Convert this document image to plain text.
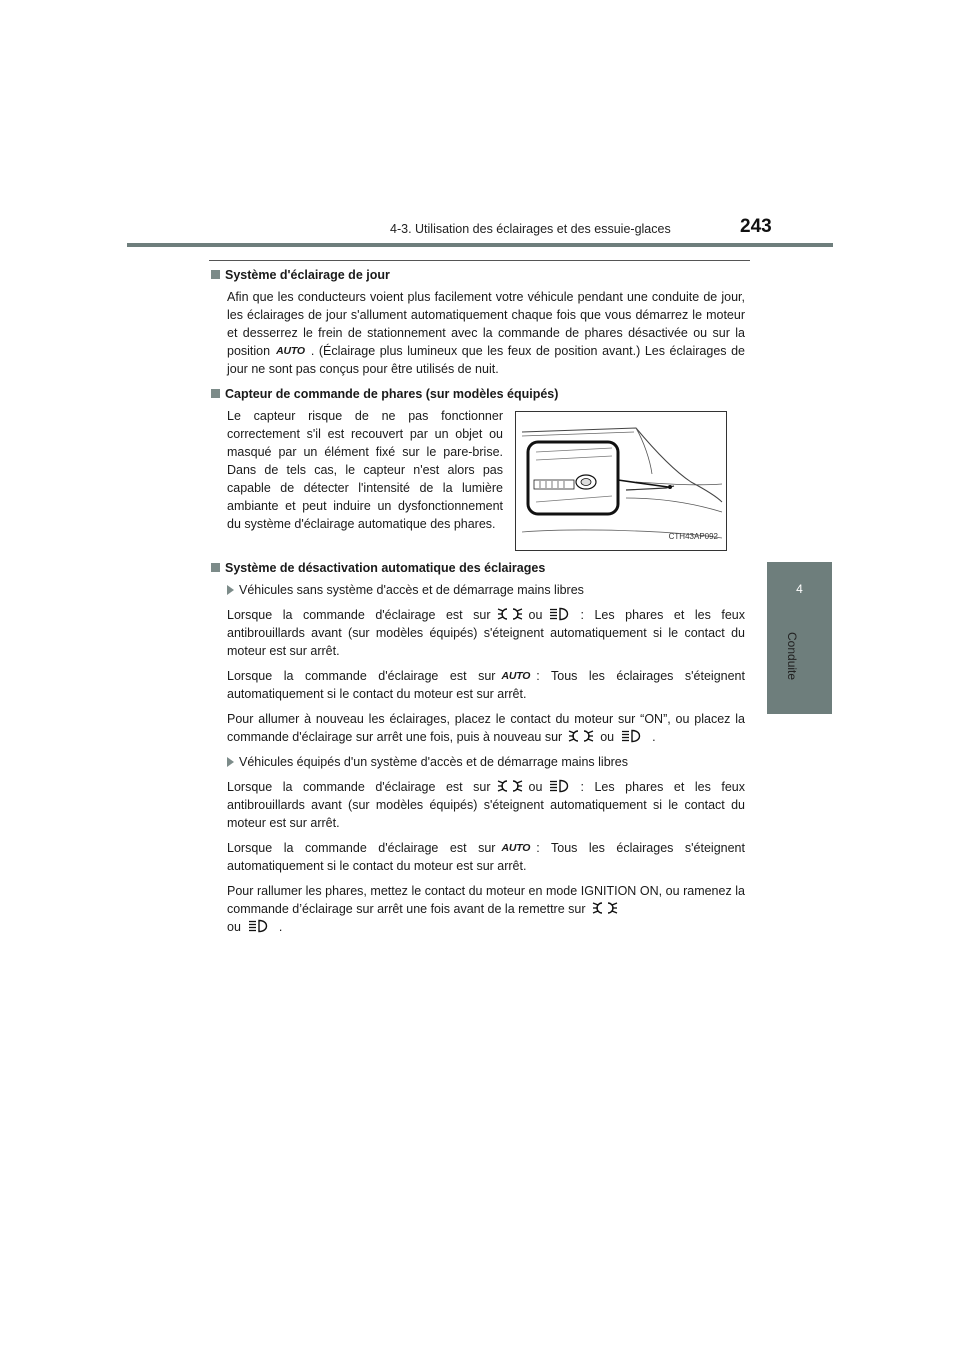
4-3. Utilisation des éclairages et des essuie-glaces	243
4
Conduite
Système d'éclairage de jour

Afin que les conducteurs voient plus facilement votre véhicule pendant une conduite de jour, les éclairages de jour s'allument automatiquement chaque fois que vous démarrez le moteur et desserrez le frein de stationnement avec la commande de phares désactivée ou sur la position AUTO . (Éclairage plus lumineux que les feux de position avant.) Les éclairages de jour ne sont pas conçus pour être utilisés de nuit.

Capteur de commande de phares (sur modèles équipés)
Le capteur risque de ne pas fonctionner correctement s'il est recouvert par un objet ou masqué par un élément fixé sur le pare-brise. Dans de tels cas, le capteur n'est alors pas capable de détecter l'intensité de la lumière ambiante et peut induire un dysfonctionnement du système d'éclairage automatique des phares.
CTH43AP092
Système de désactivation automatique des éclairages
Véhicules sans système d'accès et de démarrage mains libres

Lorsque la commande d'éclairage est sur	ou	: Les phares et les feux antibrouillards avant (sur modèles équipés) s'éteignent automatiquement si le contact du moteur est sur arrêt.

Lorsque la commande d'éclairage est sur AUTO : Tous les éclairages s'éteignent automatiquement si le contact du moteur est sur arrêt.

Pour allumer à nouveau les éclairages, placez le contact du moteur sur “ON”, ou placez la commande d'éclairage sur arrêt une fois, puis à nouveau sur	ou	.

Véhicules équipés d'un système d'accès et de démarrage mains libres

Lorsque la commande d'éclairage est sur	ou	: Les phares et les feux antibrouillards avant (sur modèles équipés) s'éteignent automatiquement si le contact du moteur est sur arrêt.

Lorsque la commande d'éclairage est sur AUTO : Tous les éclairages s'éteignent automatiquement si le contact du moteur est sur arrêt.

Pour rallumer les phares, mettez le contact du moteur en mode IGNITION ON, ou ramenez la commande d’éclairage sur arrêt une fois avant de la remettre sur
ou	.
